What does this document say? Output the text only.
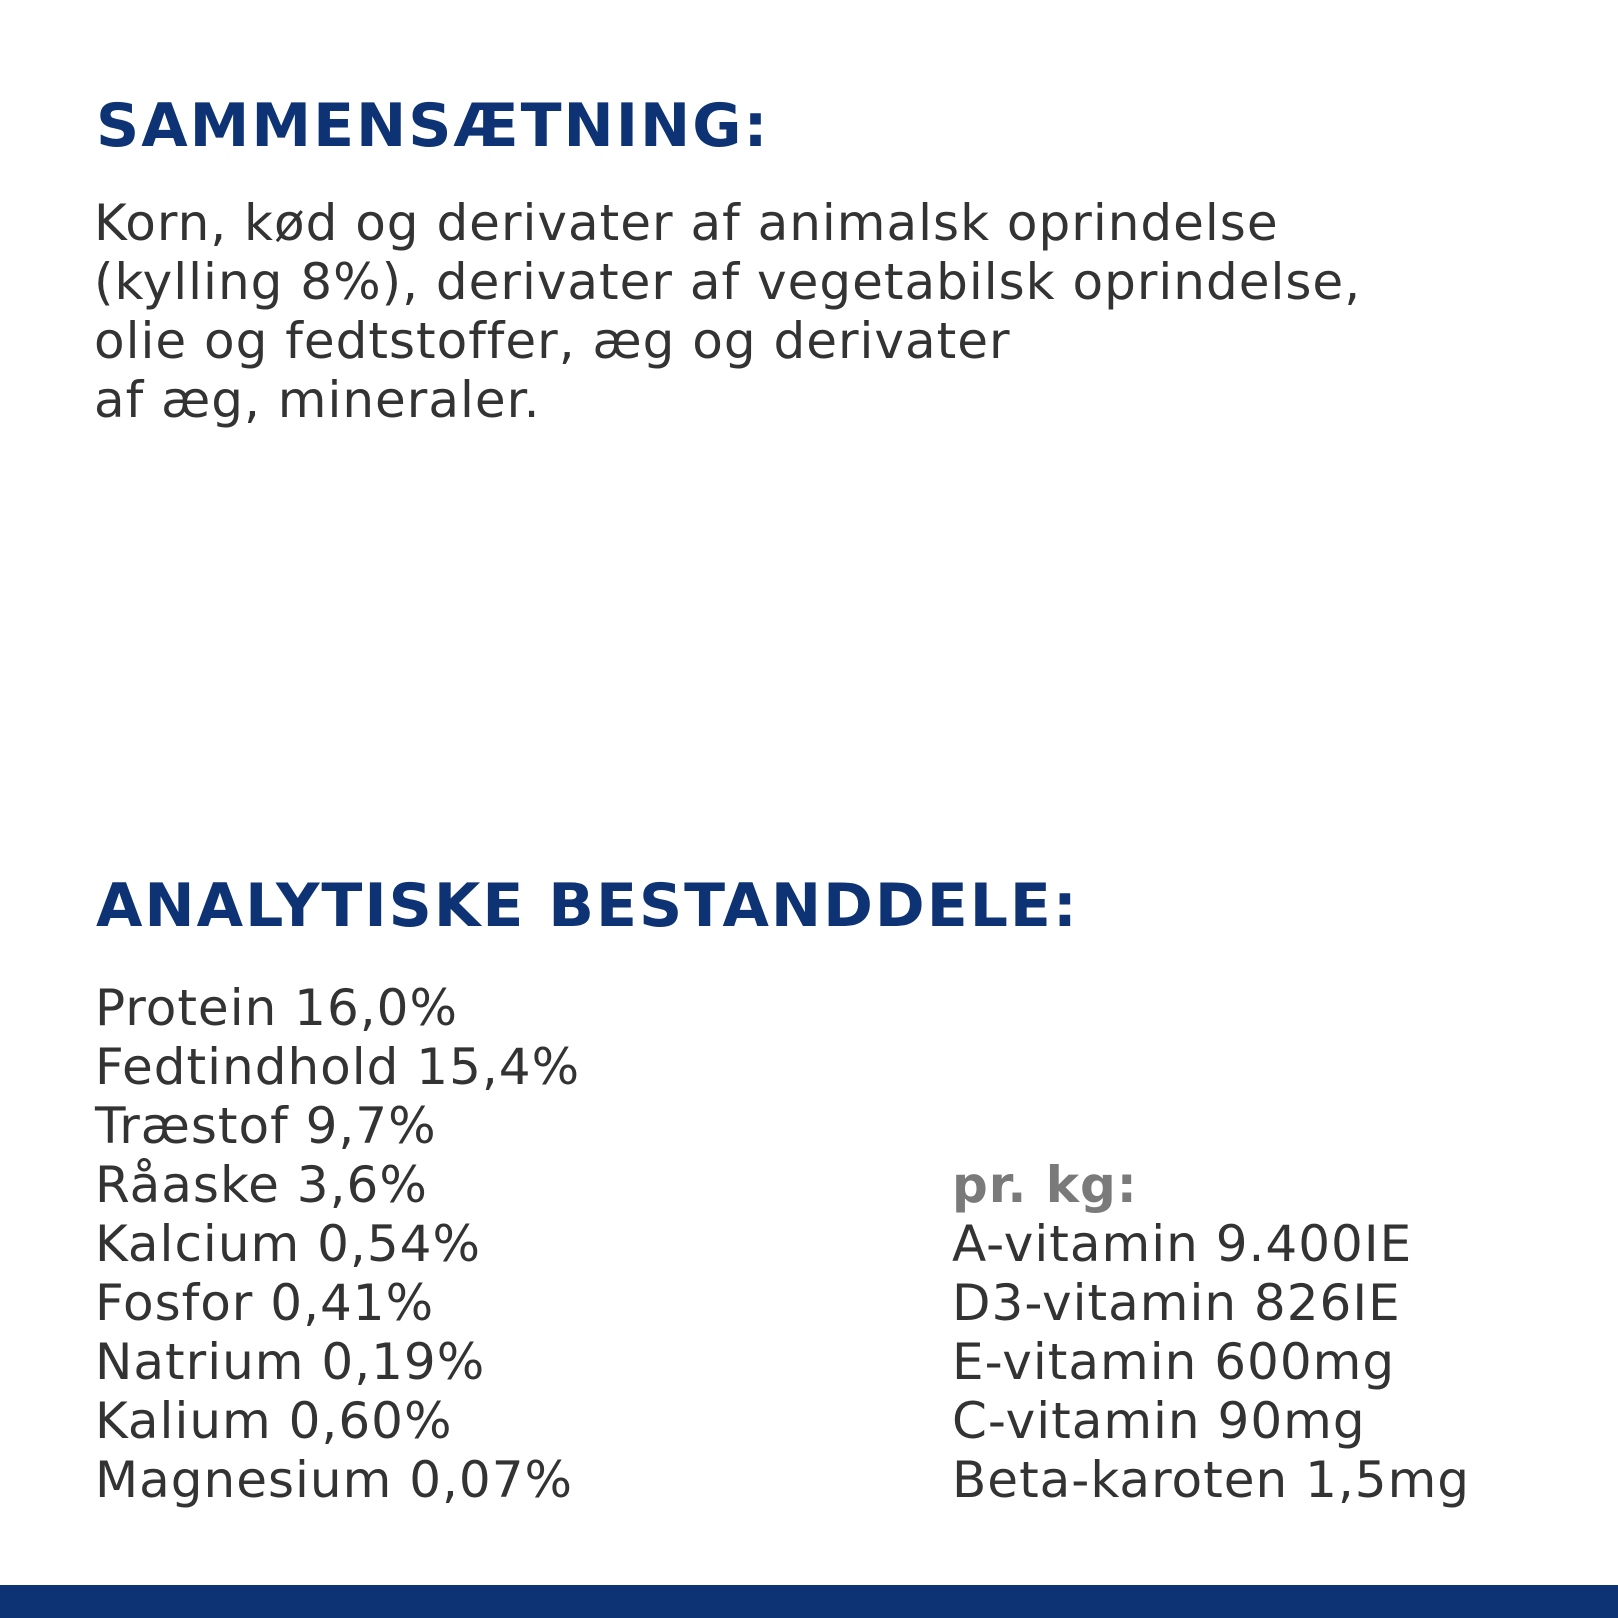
SAMMENSÆTNING:

Korn, kød og derivater af animalsk oprindelse
(kylling 8%), derivater af vegetabilsk oprindelse,
olie og fedtstoffer, æg og derivater
af æg, mineraler.

ANALYTISKE BESTANDDELE:
Protein 16,0%
Fedtindhold 15,4%
Træstof 9,7%
Råaske 3,6%
Kalcium 0,54%
Fosfor 0,41%
Natrium 0,19%
Kalium 0,60%
Magnesium 0,07%
pr. kg:
A-vitamin 9.400IE
D3-vitamin 826IE
E-vitamin 600mg
C-vitamin 90mg
Beta-karoten 1,5mg
